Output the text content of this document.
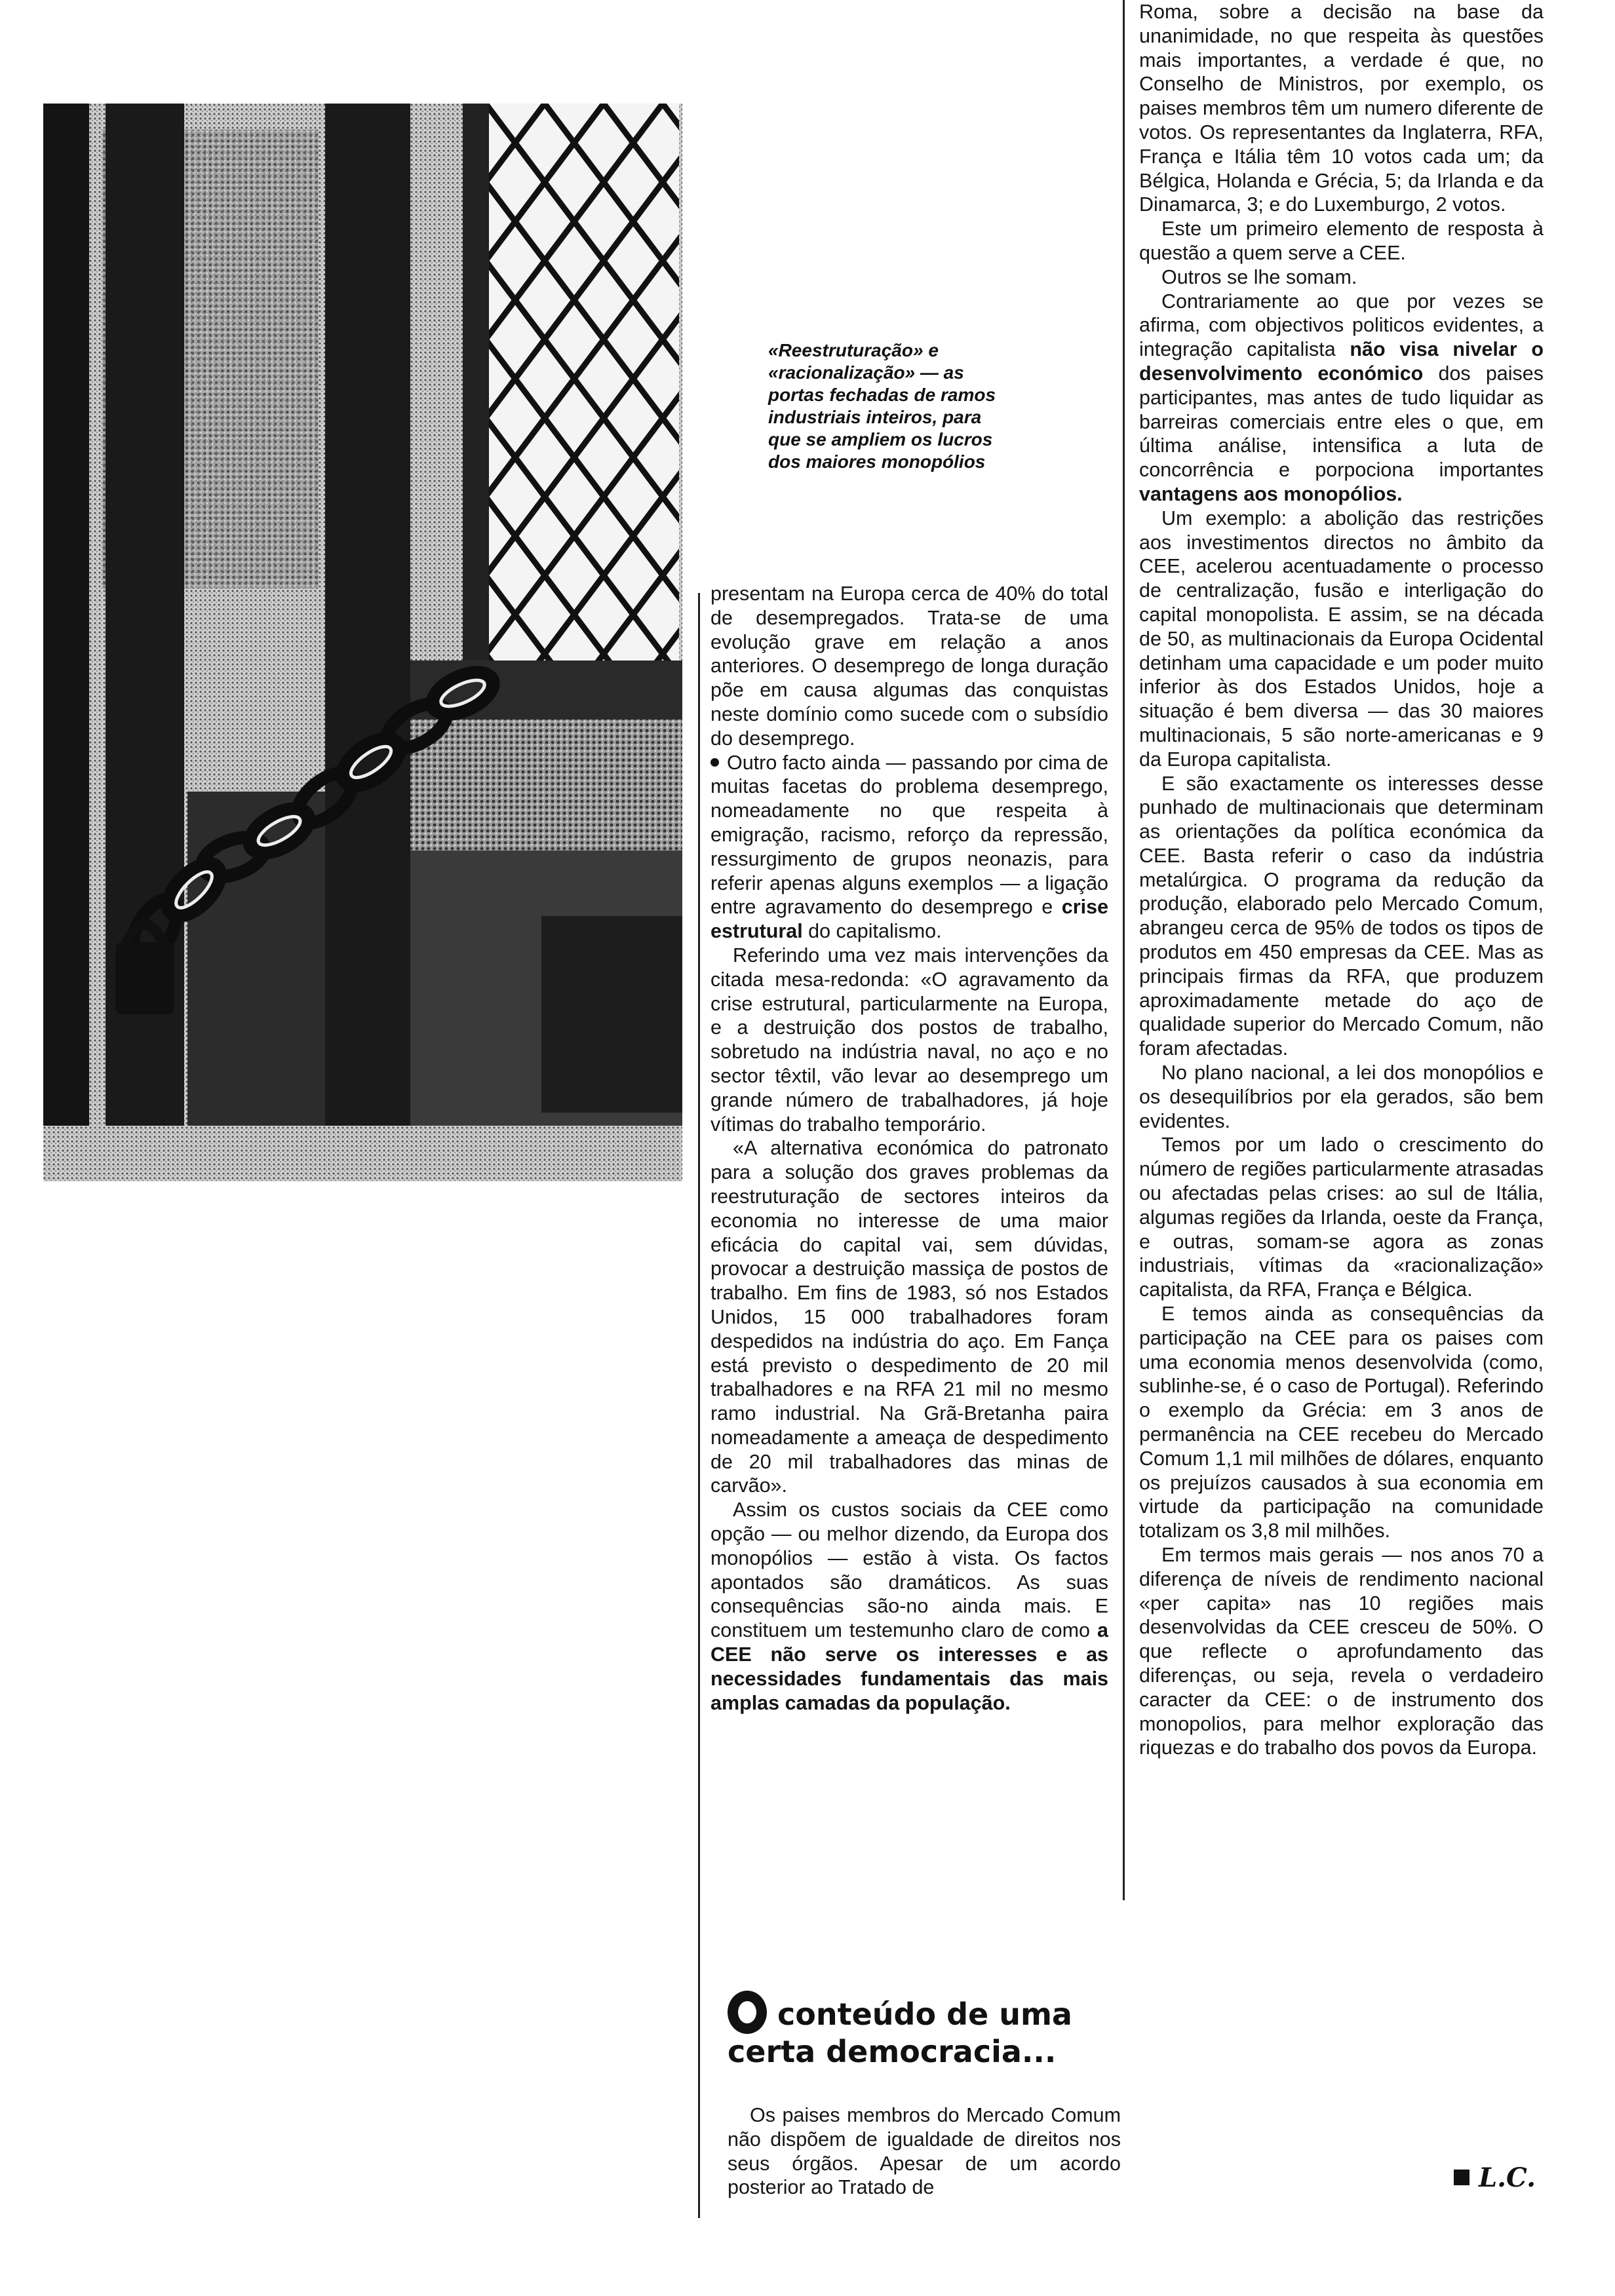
«Reestruturação» e

«racionalização» — as

portas fechadas de ramos

industriais inteiros, para

que se ampliem os lucros

dos maiores monopólios

presentam na Europa cerca de 40% do total de desempregados. Trata-se de uma evolução grave em relação a anos anteriores. O desemprego de longa duração põe em causa algumas das conquistas neste domínio como sucede com o subsídio do desemprego.

Outro facto ainda — passando por cima de muitas facetas do problema desemprego, nomeadamente no que respeita à emigração, racismo, reforço da repressão, ressurgimento de grupos neonazis, para referir apenas alguns exemplos — a ligação entre agravamento do desemprego e crise estrutural do capitalismo.

Referindo uma vez mais intervenções da citada mesa-redonda: «O agravamento da crise estrutural, particularmente na Europa, e a destruição dos postos de trabalho, sobretudo na indústria naval, no aço e no sector têxtil, vão levar ao desemprego um grande número de trabalhadores, já hoje vítimas do trabalho temporário.

«A alternativa económica do patronato para a solução dos graves problemas da reestruturação de sectores inteiros da economia no interesse de uma maior eficácia do capital vai, sem dúvidas, provocar a destruição massiça de postos de trabalho. Em fins de 1983, só nos Estados Unidos, 15 000 trabalhadores foram despedidos na indústria do aço. Em Fança está previsto o despedimento de 20 mil trabalhadores e na RFA 21 mil no mesmo ramo industrial. Na Grã-Bretanha paira nomeadamente a ameaça de despedimento de 20 mil trabalhadores das minas de carvão».

Assim os custos sociais da CEE como opção — ou melhor dizendo, da Europa dos monopólios — estão à vista. Os factos apontados são dramáticos. As suas consequências são-no ainda mais. E constituem um testemunho claro de como a CEE não serve os interesses e as necessidades fundamentais das mais amplas camadas da população.

conteúdo de uma
certa democracia...

Os paises membros do Mercado Comum não dispõem de igualdade de direitos nos seus órgãos. Apesar de um acordo posterior ao Tratado de

Roma, sobre a decisão na base da unanimidade, no que respeita às questões mais importantes, a verdade é que, no Conselho de Ministros, por exemplo, os paises membros têm um numero diferente de votos. Os representantes da Inglaterra, RFA, França e Itália têm 10 votos cada um; da Bélgica, Holanda e Grécia, 5; da Irlanda e da Dinamarca, 3; e do Luxemburgo, 2 votos.

Este um primeiro elemento de resposta à questão a quem serve a CEE.

Outros se lhe somam.

Contrariamente ao que por vezes se afirma, com objectivos politicos evidentes, a integração capitalista não visa nivelar o desenvolvimento económico dos paises participantes, mas antes de tudo liquidar as barreiras comerciais entre eles o que, em última análise, intensifica a luta de concorrência e porpociona importantes vantagens aos monopólios.

Um exemplo: a abolição das restrições aos investimentos directos no âmbito da CEE, acelerou acentuadamente o processo de centralização, fusão e interligação do capital monopolista. E assim, se na década de 50, as multinacionais da Europa Ocidental detinham uma capacidade e um poder muito inferior às dos Estados Unidos, hoje a situação é bem diversa — das 30 maiores multinacionais, 5 são norte-americanas e 9 da Europa capitalista.

E são exactamente os interesses desse punhado de multinacionais que determinam as orientações da política económica da CEE. Basta referir o caso da indústria metalúrgica. O programa da redução da produção, elaborado pelo Mercado Comum, abrangeu cerca de 95% de todos os tipos de produtos em 450 empresas da CEE. Mas as principais firmas da RFA, que produzem aproximadamente metade do aço de qualidade superior do Mercado Comum, não foram afectadas.

No plano nacional, a lei dos monopólios e os desequilíbrios por ela gerados, são bem evidentes.

Temos por um lado o crescimento do número de regiões particularmente atrasadas ou afectadas pelas crises: ao sul de Itália, algumas regiões da Irlanda, oeste da França, e outras, somam-se agora as zonas industriais, vítimas da «racionalização» capitalista, da RFA, França e Bélgica.

E temos ainda as consequências da participação na CEE para os paises com uma economia menos desenvolvida (como, sublinhe-se, é o caso de Portugal). Referindo o exemplo da Grécia: em 3 anos de permanência na CEE recebeu do Mercado Comum 1,1 mil milhões de dólares, enquanto os prejuízos causados à sua economia em virtude da participação na comunidade totalizam os 3,8 mil milhões.

Em termos mais gerais — nos anos 70 a diferença de níveis de rendimento nacional «per capita» nas 10 regiões mais desenvolvidas da CEE cresceu de 50%. O que reflecte o aprofundamento das diferenças, ou seja, revela o verdadeiro caracter da CEE: o de instrumento dos monopolios, para melhor exploração das riquezas e do trabalho dos povos da Europa.

L.C.
